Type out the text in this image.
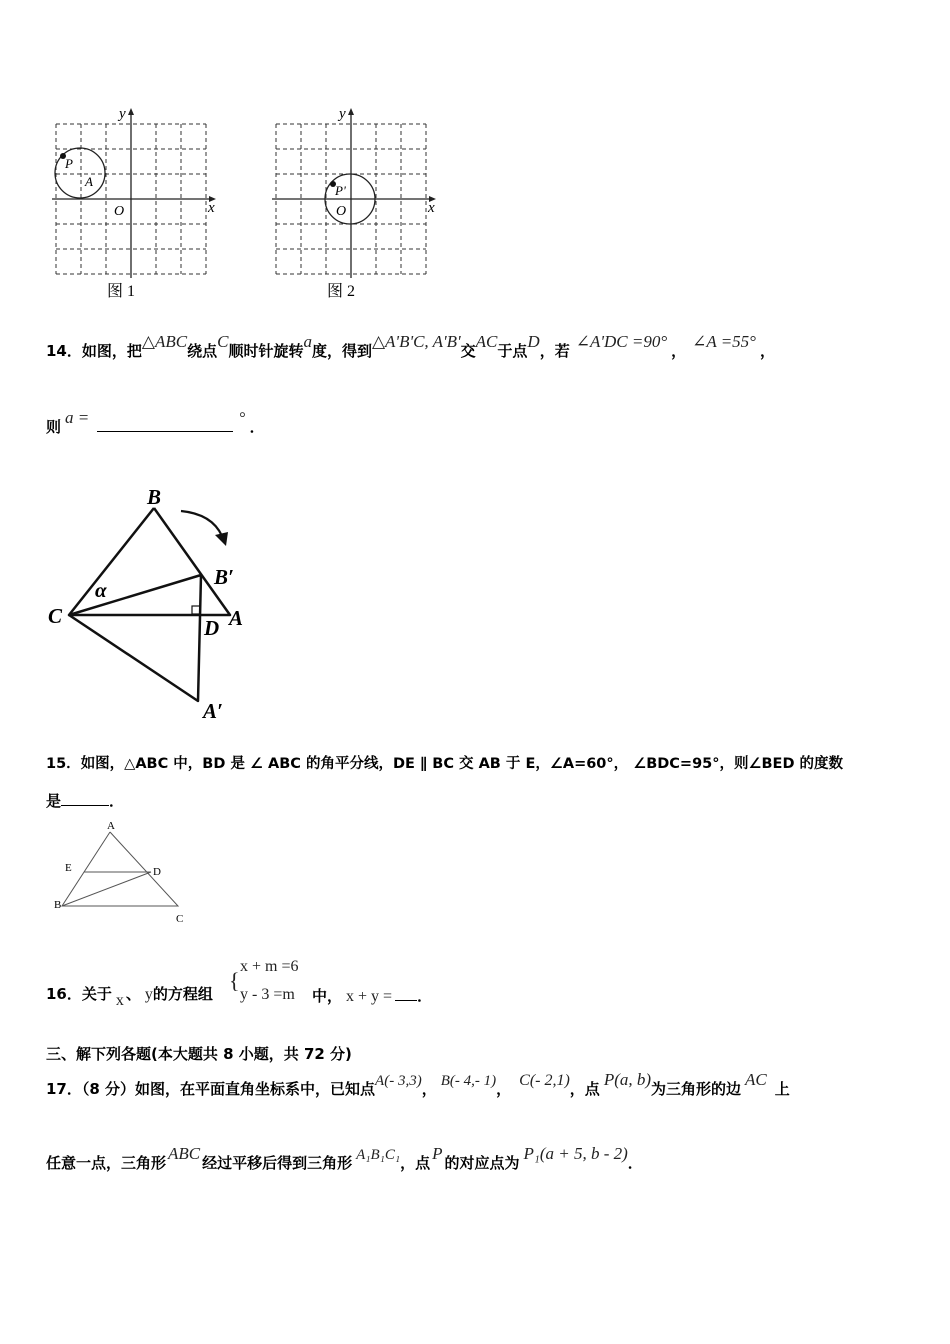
y
x
O
P
A
图 1
y
x
O
P'
图 2
14．如图，把△ABC绕点C顺时针旋转a度，得到△A'B'C, A'B'交AC于点D，若 ∠A'DC =90° ， ∠A =55° ，
则 a =	° ．
B
B′
C	A
D
A′
α
15．如图，△ABC 中，BD 是 ∠ ABC 的角平分线，DE ∥ BC 交 AB 于 E，∠A=60°， ∠BDC=95°，则∠BED 的度数
是	．
A
E	D
B
C
16．关于 x 、 y的方程组
{
x + m =6
y - 3 =m 中， x + y = ．
三、解下列各题(本大题共 8 小题，共 72 分)
17．（8 分）如图，在平面直角坐标系中，已知点A(- 3,3)， B(- 4,- 1)， C(- 2,1)，点 P(a, b)为三角形的边 AC 上
任意一点，三角形 ABC 经过平移后得到三角形 A₁B₁C₁，点 P 的对应点为 P₁(a + 5, b - 2)．
